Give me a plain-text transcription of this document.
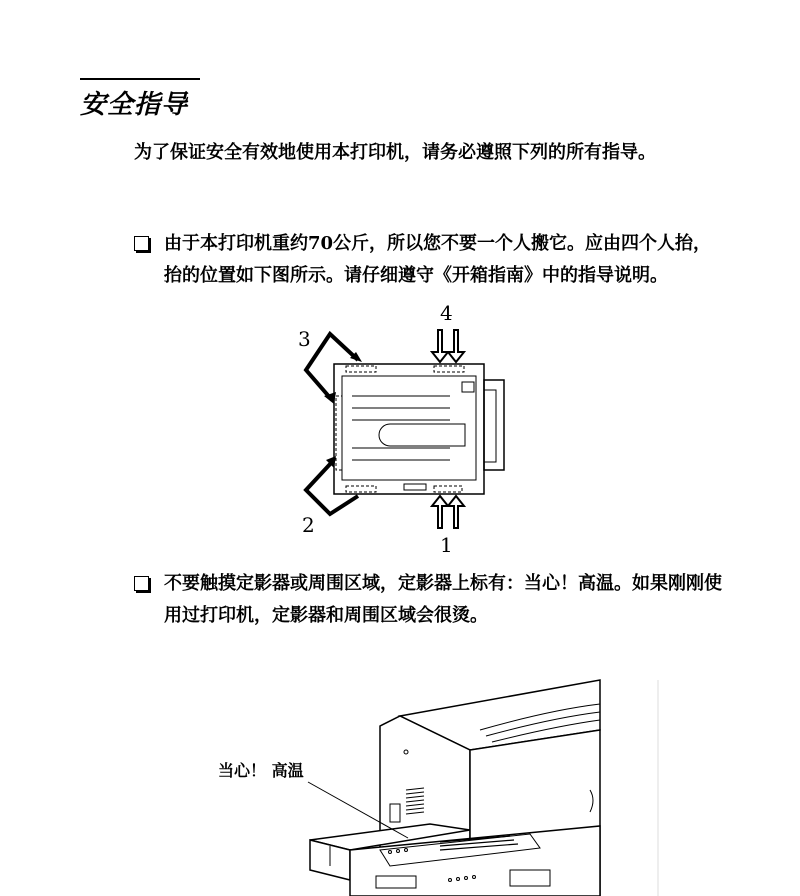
安全指导
为了保证安全有效地使用本打印机，请务必遵照下列的所有指导。
由于本打印机重约70公斤，所以您不要一个人搬它。应由四个人抬，抬的位置如下图所示。请仔细遵守《开箱指南》中的指导说明。
4
3
2
1
不要触摸定影器或周围区域，定影器上标有：当心！高温。如果刚刚使用过打印机，定影器和周围区域会很烫。
当心！ 高温
